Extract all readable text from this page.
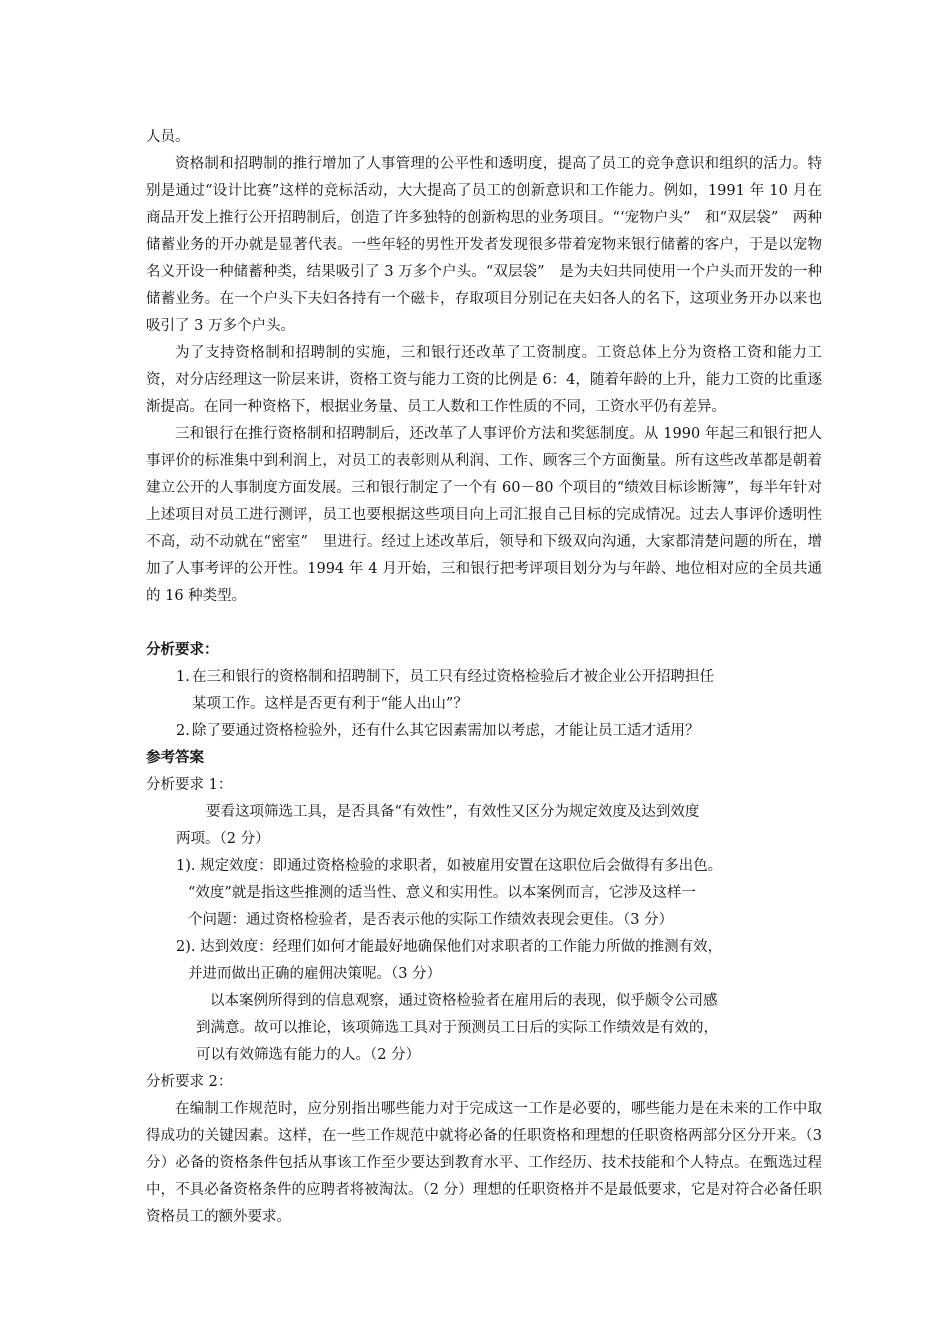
人员。

资格制和招聘制的推行增加了人事管理的公平性和透明度，提高了员工的竞争意识和组织的活力。特别是通过“设计比赛”这样的竞标活动，大大提高了员工的创新意识和工作能力。例如，1991 年 10 月在商品开发上推行公开招聘制后，创造了许多独特的创新构思的业务项目。“‘宠物户头”　和“双层袋”　两种储蓄业务的开办就是显著代表。一些年轻的男性开发者发现很多带着宠物来银行储蓄的客户，于是以宠物名义开设一种储蓄种类，结果吸引了 3 万多个户头。“双层袋”　是为夫妇共同使用一个户头而开发的一种储蓄业务。在一个户头下夫妇各持有一个磁卡，存取项目分别记在夫妇各人的名下，这项业务开办以来也吸引了 3 万多个户头。

为了支持资格制和招聘制的实施，三和银行还改革了工资制度。工资总体上分为资格工资和能力工资，对分店经理这一阶层来讲，资格工资与能力工资的比例是 6：4，随着年龄的上升，能力工资的比重逐渐提高。在同一种资格下，根据业务量、员工人数和工作性质的不同，工资水平仍有差异。

三和银行在推行资格制和招聘制后，还改革了人事评价方法和奖惩制度。从 1990 年起三和银行把人事评价的标准集中到利润上，对员工的表彰则从利润、工作、顾客三个方面衡量。所有这些改革都是朝着建立公开的人事制度方面发展。三和银行制定了一个有 60－80 个项目的“绩效目标诊断簿”，每半年针对上述项目对员工进行测评，员工也要根据这些项目向上司汇报自己目标的完成情况。过去人事评价透明性不高，动不动就在“密室”　里进行。经过上述改革后，领导和下级双向沟通，大家都清楚问题的所在，增加了人事考评的公开性。1994 年 4 月开始，三和银行把考评项目划分为与年龄、地位相对应的全员共通的 16 种类型。

分析要求：

1. 在三和银行的资格制和招聘制下，员工只有经过资格检验后才被企业公开招聘担任
某项工作。这样是否更有利于“能人出山”？
2. 除了要通过资格检验外，还有什么其它因素需加以考虑，才能让员工适才适用？

参考答案

分析要求 1：

要看这项筛选工具，是否具备“有效性”，有效性又区分为规定效度及达到效度

两项。（2 分）

1). 规定效度：即通过资格检验的求职者，如被雇用安置在这职位后会做得有多出色。

“效度”就是指这些推测的适当性、意义和实用性。以本案例而言，它涉及这样一

个问题：通过资格检验者，是否表示他的实际工作绩效表现会更佳。（3 分）

2). 达到效度：经理们如何才能最好地确保他们对求职者的工作能力所做的推测有效，

并进而做出正确的雇佣决策呢。（3 分）

以本案例所得到的信息观察，通过资格检验者在雇用后的表现，似乎颇令公司感

到满意。故可以推论，该项筛选工具对于预测员工日后的实际工作绩效是有效的，

可以有效筛选有能力的人。（2 分）

分析要求 2：

在编制工作规范时，应分别指出哪些能力对于完成这一工作是必要的，哪些能力是在未来的工作中取得成功的关键因素。这样，在一些工作规范中就将必备的任职资格和理想的任职资格两部分区分开来。（3 分）必备的资格条件包括从事该工作至少要达到教育水平、工作经历、技术技能和个人特点。在甄选过程中，不具必备资格条件的应聘者将被淘汰。（2 分）理想的任职资格并不是最低要求，它是对符合必备任职资格员工的额外要求。
